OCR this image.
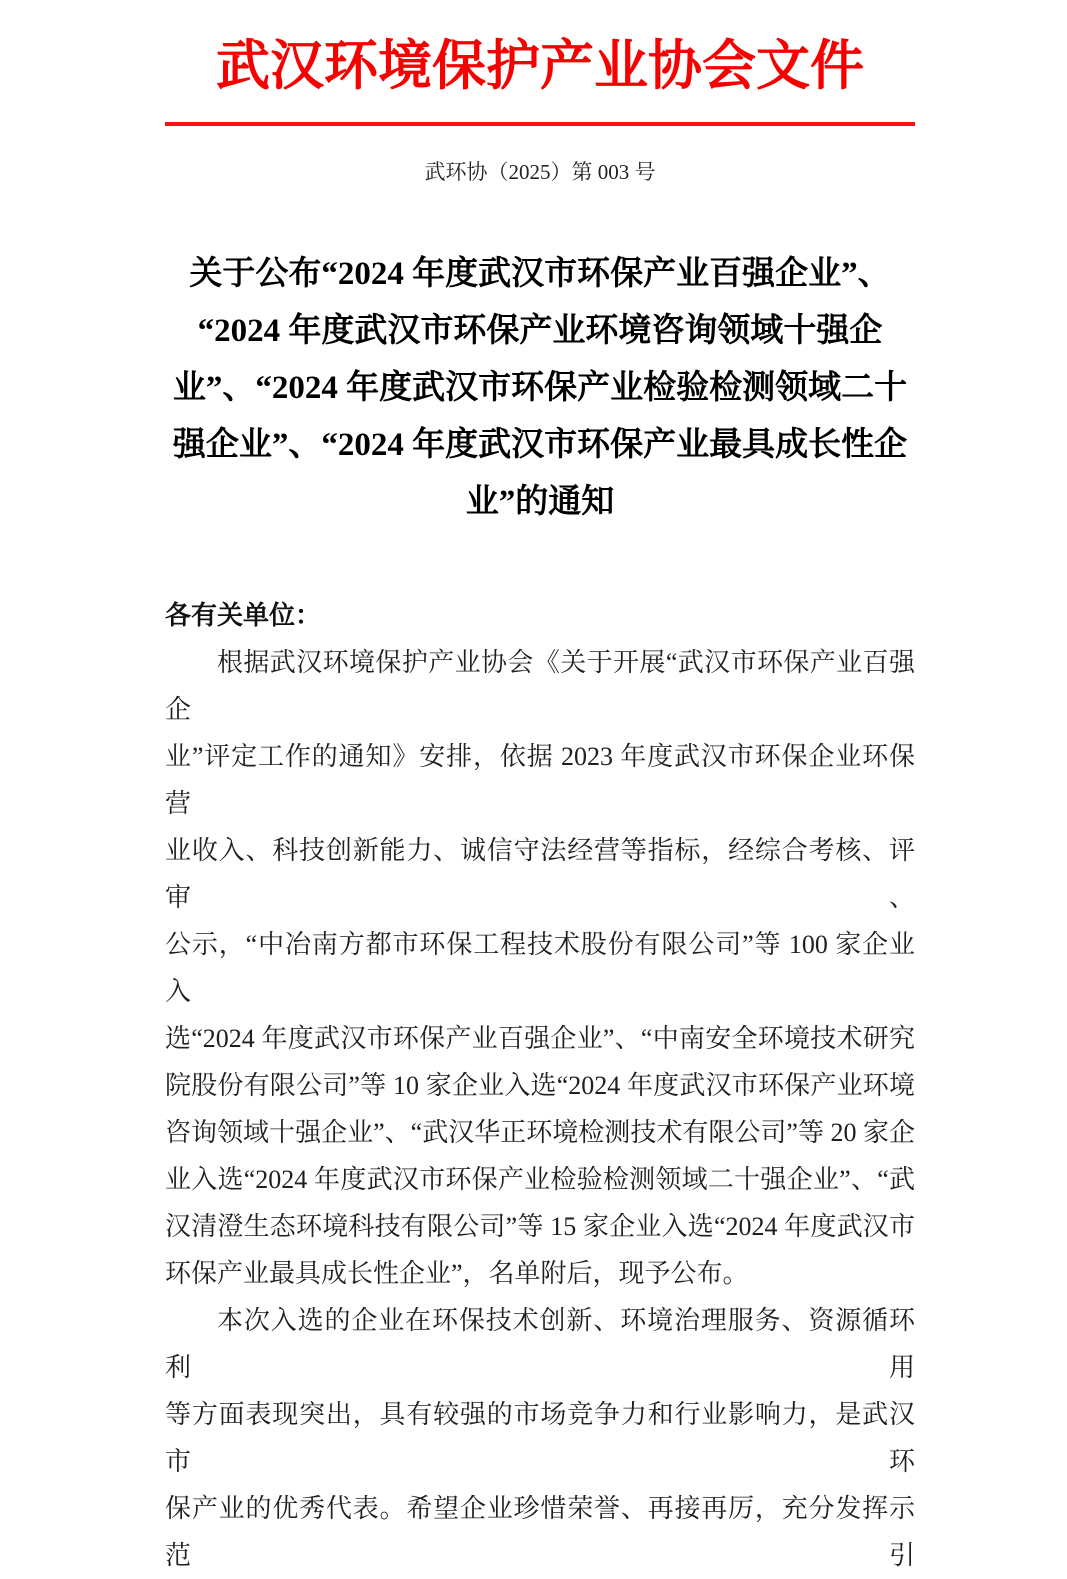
武汉环境保护产业协会文件
武环协（2025）第 003 号
关于公布“2024 年度武汉市环保产业百强企业”、
“2024 年度武汉市环保产业环境咨询领域十强企
业”、“2024 年度武汉市环保产业检验检测领域二十
强企业”、“2024 年度武汉市环保产业最具成长性企
业”的通知
各有关单位：
根据武汉环境保护产业协会《关于开展“武汉市环保产业百强企
业”评定工作的通知》安排，依据 2023 年度武汉市环保企业环保营
业收入、科技创新能力、诚信守法经营等指标，经综合考核、评审、
公示，“中冶南方都市环保工程技术股份有限公司”等 100 家企业入
选“2024 年度武汉市环保产业百强企业”、“中南安全环境技术研究
院股份有限公司”等 10 家企业入选“2024 年度武汉市环保产业环境
咨询领域十强企业”、“武汉华正环境检测技术有限公司”等 20 家企
业入选“2024 年度武汉市环保产业检验检测领域二十强企业”、“武
汉清澄生态环境科技有限公司”等 15 家企业入选“2024 年度武汉市
环保产业最具成长性企业”，名单附后，现予公布。
本次入选的企业在环保技术创新、环境治理服务、资源循环利用
等方面表现突出，具有较强的市场竞争力和行业影响力，是武汉市环
保产业的优秀代表。希望企业珍惜荣誉、再接再厉，充分发挥示范引
